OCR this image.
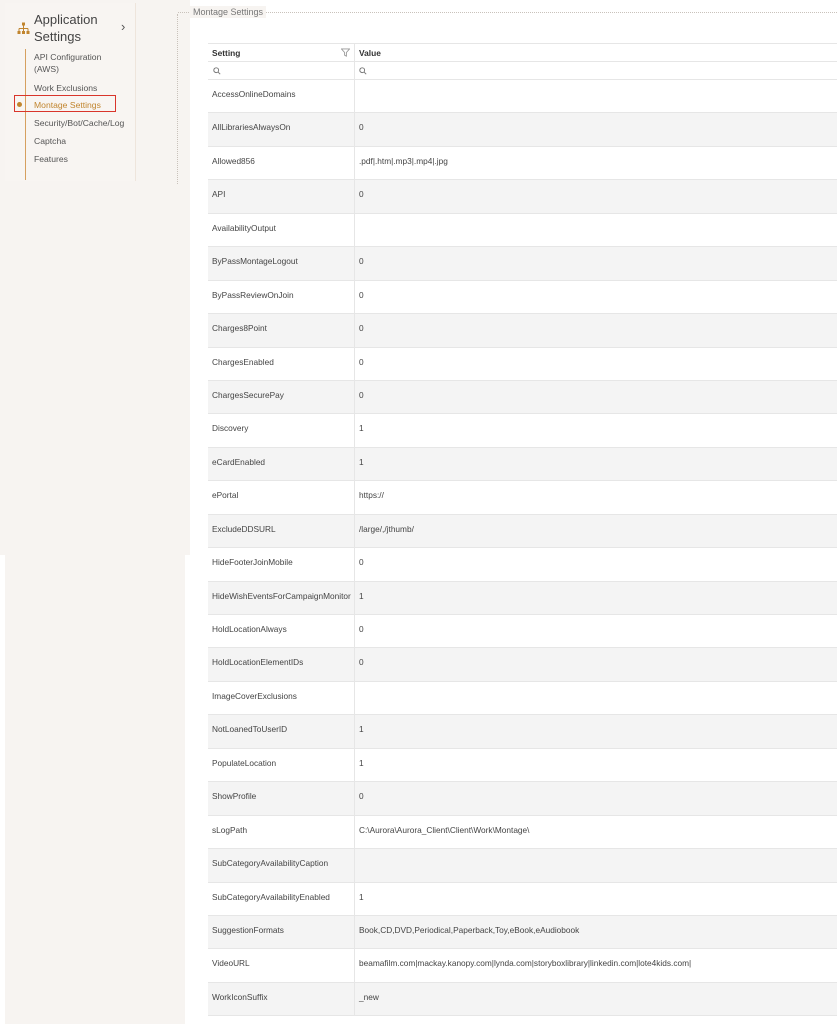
Application Settings
›
API Configuration (AWS)
Work Exclusions
Montage Settings
Security/Bot/Cache/Log
Captcha
Features
Montage Settings
Setting	Value
AccessOnlineDomains
AllLibrariesAlwaysOn	0
Allowed856	.pdf|.htm|.mp3|.mp4|.jpg
API	0
AvailabilityOutput
ByPassMontageLogout	0
ByPassReviewOnJoin	0
Charges8Point	0
ChargesEnabled	0
ChargesSecurePay	0
Discovery	1
eCardEnabled	1
ePortal	https://
ExcludeDDSURL	/large/,/jthumb/
HideFooterJoinMobile	0
HideWishEventsForCampaignMonitor 1
HoldLocationAlways	0
HoldLocationElementIDs	0
ImageCoverExclusions
NotLoanedToUserID	1
PopulateLocation	1
ShowProfile	0
sLogPath	C:\Aurora\Aurora_Client\Client\Work\Montage\
SubCategoryAvailabilityCaption
SubCategoryAvailabilityEnabled	1
SuggestionFormats	Book,CD,DVD,Periodical,Paperback,Toy,eBook,eAudiobook
VideoURL	beamafilm.com|mackay.kanopy.com|lynda.com|storyboxlibrary|linkedin.com|lote4kids.com|
WorkIconSuffix	_new
